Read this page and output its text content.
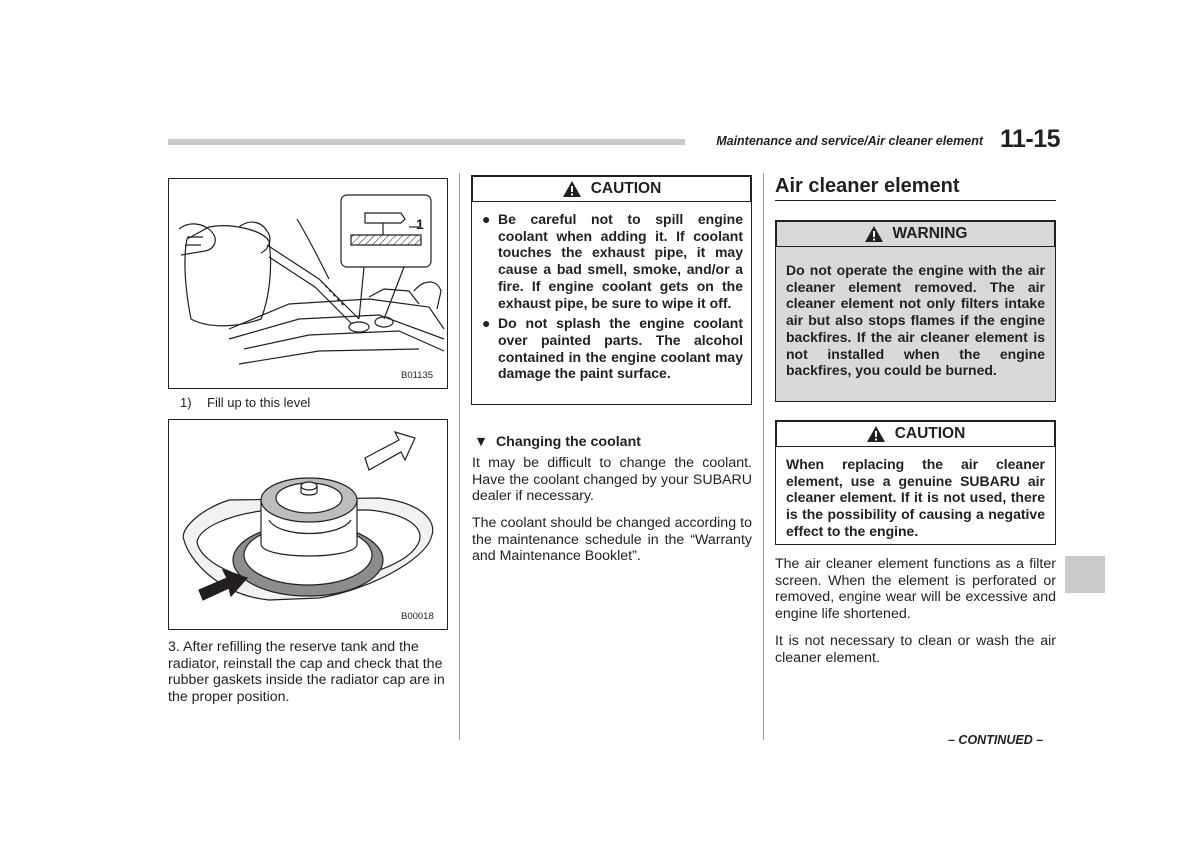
Maintenance and service/Air cleaner element 11-15
1
B01135
1) Fill up to this level
B00018
3. After refilling the reserve tank and the radiator, reinstall the cap and check that the rubber gaskets inside the radiator cap are in the proper position.
CAUTION
● Be careful not to spill engine coolant when adding it. If coolant touches the exhaust pipe, it may cause a bad smell, smoke, and/or a fire. If engine coolant gets on the exhaust pipe, be sure to wipe it off.
● Do not splash the engine coolant over painted parts. The alcohol contained in the engine coolant may damage the paint surface.
▼ Changing the coolant
It may be difficult to change the coolant. Have the coolant changed by your SUBARU dealer if necessary.
The coolant should be changed according to the maintenance schedule in the “Warranty and Maintenance Booklet”.
Air cleaner element
WARNING
Do not operate the engine with the air cleaner element removed. The air cleaner element not only filters intake air but also stops flames if the engine backfires. If the air cleaner element is not installed when the engine backfires, you could be burned.
CAUTION
When replacing the air cleaner element, use a genuine SUBARU air cleaner element. If it is not used, there is the possibility of causing a negative effect to the engine.
The air cleaner element functions as a filter screen. When the element is perforated or removed, engine wear will be excessive and engine life shortened.
It is not necessary to clean or wash the air cleaner element.
– CONTINUED –
